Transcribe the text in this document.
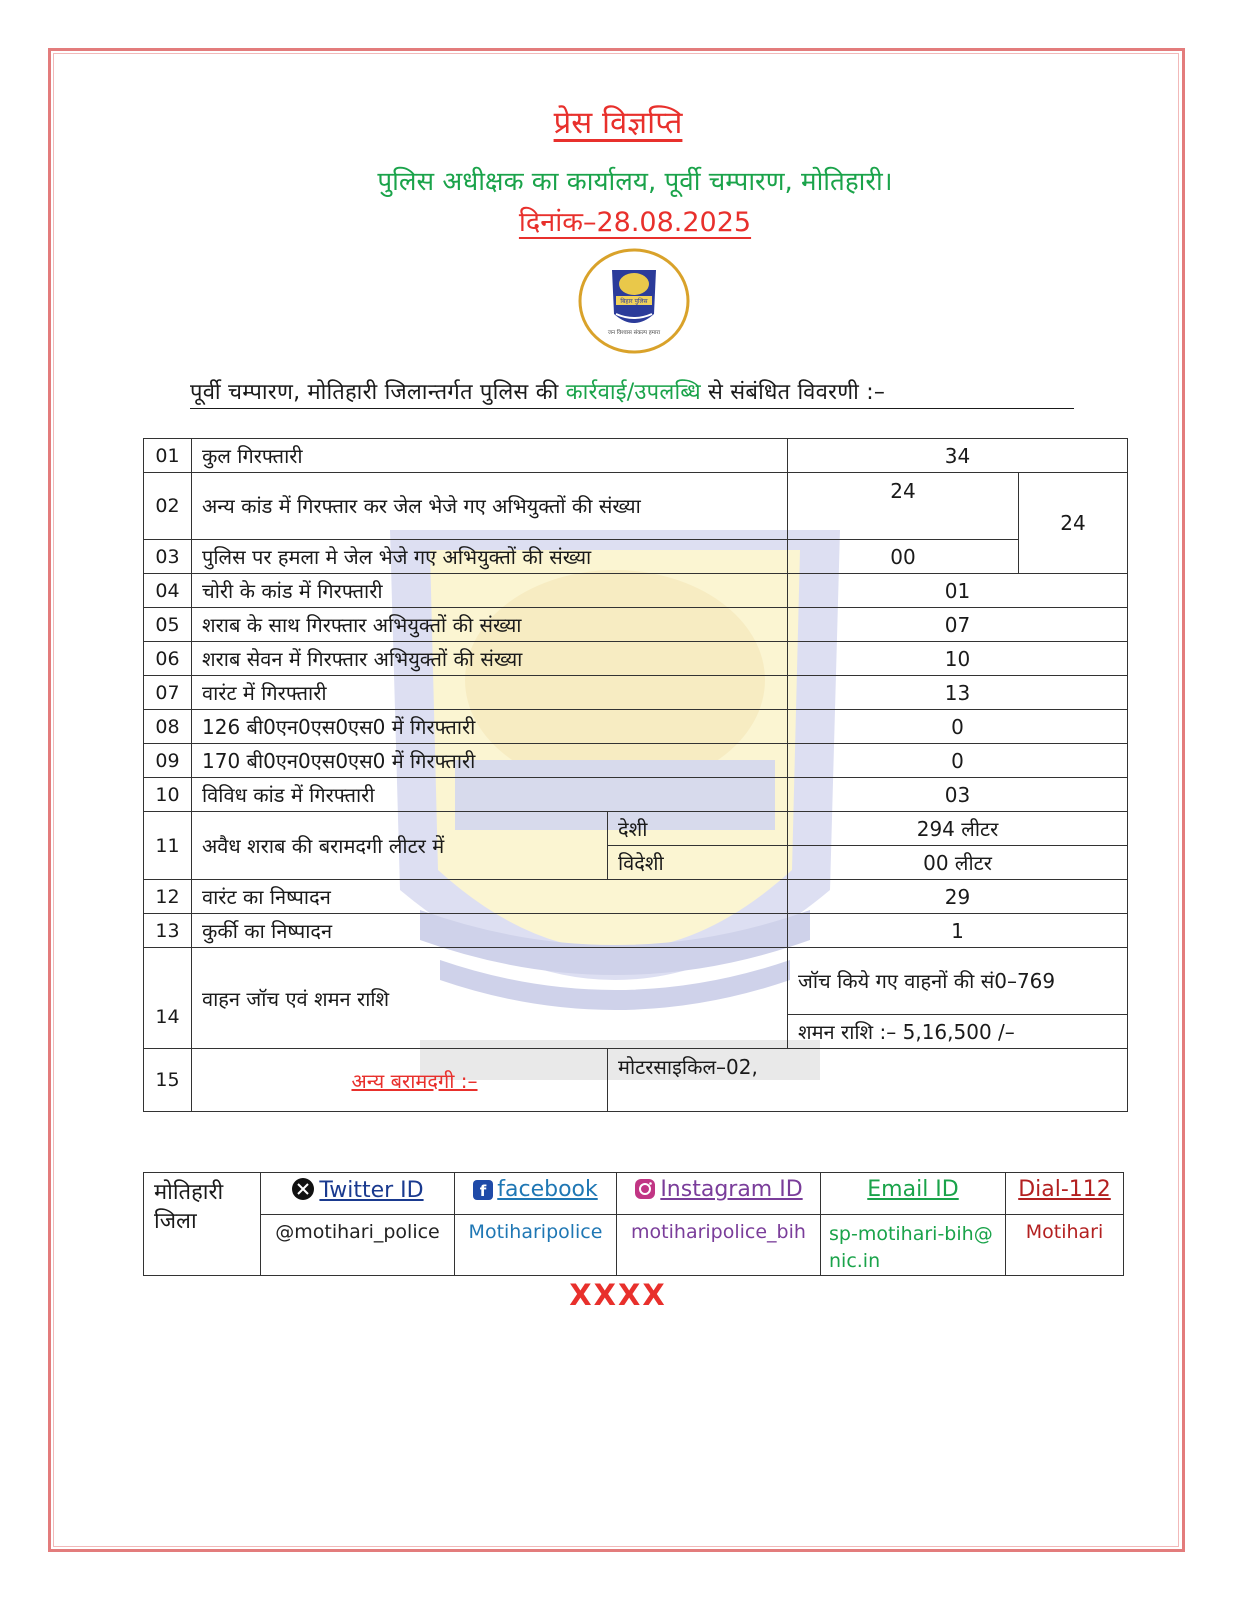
प्रेस विज्ञप्ति
पुलिस अधीक्षक का कार्यालय, पूर्वी चम्पारण, मोतिहारी।
दिनांक–28.08.2025
बिहार पुलिस
जन विश्वास संकल्प हमारा
पूर्वी चम्पारण, मोतिहारी जिलान्तर्गत पुलिस की कार्रवाई/उपलब्धि से संबंधित विवरणी :–
01	कुल गिरफ्तारी		34	
02	अन्य कांड में गिरफ्तार कर जेल भेजे गए अभियुक्तों की संख्या		24	24
03	पुलिस पर हमला मे जेल भेजे गए अभियुक्तों की संख्या		00	
04	चोरी के कांड में गिरफ्तारी		01	
05	शराब के साथ गिरफ्तार अभियुक्तों की संख्या		07	
06	शराब सेवन में गिरफ्तार अभियुक्तों की संख्या		10	
07	वारंट में गिरफ्तारी		13	
08	126 बी0एन0एस0एस0 में गिरफ्तारी		0	
09	170 बी0एन0एस0एस0 में गिरफ्तारी		0	
10	विविध कांड में गिरफ्तारी		03	
11	अवैध शराब की बरामदगी लीटर में	देशी	294 लीटर	
		विदेशी	00 लीटर	
12	वारंट का निष्पादन		29	
13	कुर्की का निष्पादन		1	
14	वाहन जॉच एवं शमन राशि		जॉच किये गए वाहनों की सं0–769	
			शमन राशि :– 5,16,500 /–	
15	अन्य बरामदगी :–	मोटरसाइकिल–02,		
मोतिहारी जिला	Twitter ID	f facebook	Instagram ID	Email ID	Dial-112
	@motihari_police	Motiharipolice	motiharipolice_bih	sp-motihari-bih@nic.in	Motihari
XXXX
